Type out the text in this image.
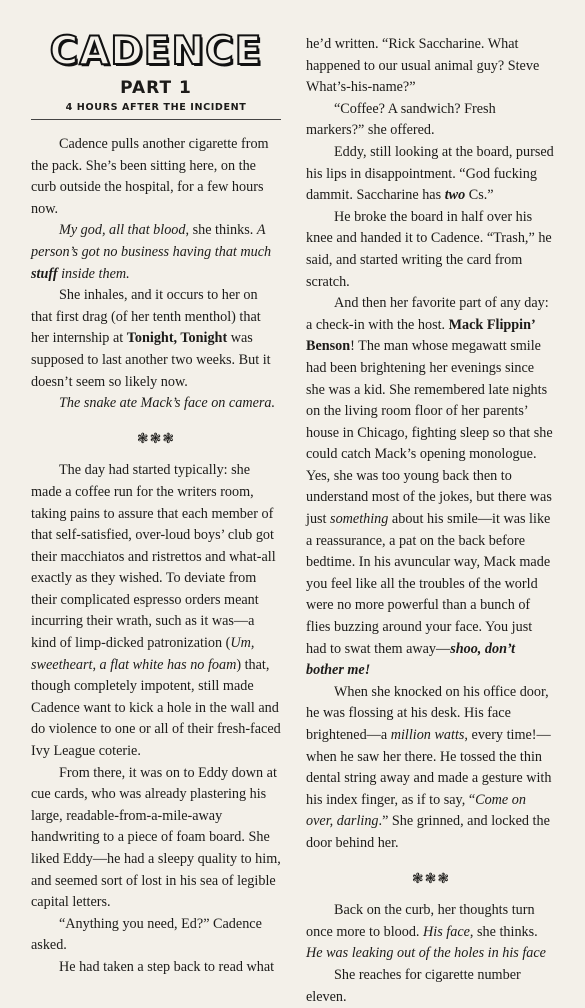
CADENCE
PART 1
4 HOURS AFTER THE INCIDENT

Cadence pulls another cigarette from the pack. She’s been sitting here, on the curb outside the hospital, for a few hours now.

My god, all that blood, she thinks. A person’s got no business having that much stuff inside them.

She inhales, and it occurs to her on that first drag (of her tenth menthol) that her internship at Tonight, Tonight was supposed to last another two weeks. But it doesn’t seem so likely now.

The snake ate Mack’s face on camera.

❃❃❃

The day had started typically: she made a coffee run for the writers room, taking pains to assure that each member of that self-satisfied, over-loud boys’ club got their macchiatos and ristrettos and what-all exactly as they wished. To deviate from their complicated espresso orders meant incurring their wrath, such as it was—a kind of limp-dicked patronization (Um, sweetheart, a flat white has no foam) that, though completely impotent, still made Cadence want to kick a hole in the wall and do violence to one or all of their fresh-faced Ivy League coterie.

From there, it was on to Eddy down at cue cards, who was already plastering his large, readable-from-a-mile-away handwriting to a piece of foam board. She liked Eddy—he had a sleepy quality to him, and seemed sort of lost in his sea of legible capital letters.

“Anything you need, Ed?” Cadence asked.

He had taken a step back to read what

he’d written. “Rick Saccharine. What happened to our usual animal guy? Steve What’s-his-name?”

“Coffee? A sandwich? Fresh markers?” she offered.

Eddy, still looking at the board, pursed his lips in disappointment. “God fucking dammit. Saccharine has two Cs.”

He broke the board in half over his knee and handed it to Cadence. “Trash,” he said, and started writing the card from scratch.

And then her favorite part of any day: a check-in with the host. Mack Flippin’ Benson! The man whose megawatt smile had been brightening her evenings since she was a kid. She remembered late nights on the living room floor of her parents’ house in Chicago, fighting sleep so that she could catch Mack’s opening monologue. Yes, she was too young back then to understand most of the jokes, but there was just something about his smile—it was like a reassurance, a pat on the back before bedtime. In his avuncular way, Mack made you feel like all the troubles of the world were no more powerful than a bunch of flies buzzing around your face. You just had to swat them away—shoo, don’t bother me!

When she knocked on his office door, he was flossing at his desk. His face brightened—a million watts, every time!—when he saw her there. He tossed the thin dental string away and made a gesture with his index finger, as if to say, “Come on over, darling.” She grinned, and locked the door behind her.

❃❃❃

Back on the curb, her thoughts turn once more to blood. His face, she thinks. He was leaking out of the holes in his face

She reaches for cigarette number eleven.
